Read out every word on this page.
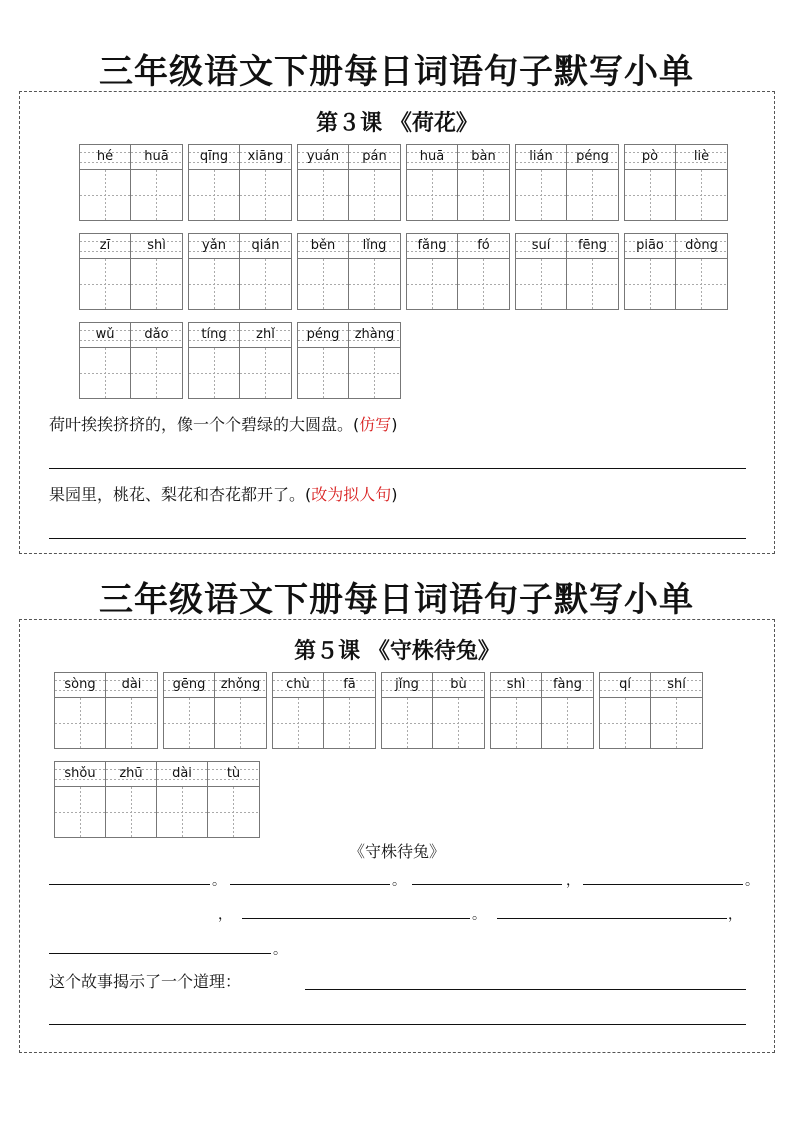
三年级语文下册每日词语句子默写小单
第３课 《荷花》
hé	huā	qīng	xiāng	yuán	pán	huā	bàn	lián	péng	pò	liè
zī	shì	yǎn	qián	běn	lǐng	fǎng	fó	suí	fēng	piāo	dòng
wǔ	dǎo	tíng	zhǐ	péng	zhàng
荷叶挨挨挤挤的，像一个个碧绿的大圆盘。(仿写)
果园里，桃花、梨花和杏花都开了。(改为拟人句)
三年级语文下册每日词语句子默写小单
第５课 《守株待兔》
sòng	dài	gēng	zhǒng	chù	fā	jǐng	bù	shì	fàng	qí	shí
shǒu	zhū	dài	tù
《守株待兔》
。	。	，	。
，	。	，
。
这个故事揭示了一个道理：
